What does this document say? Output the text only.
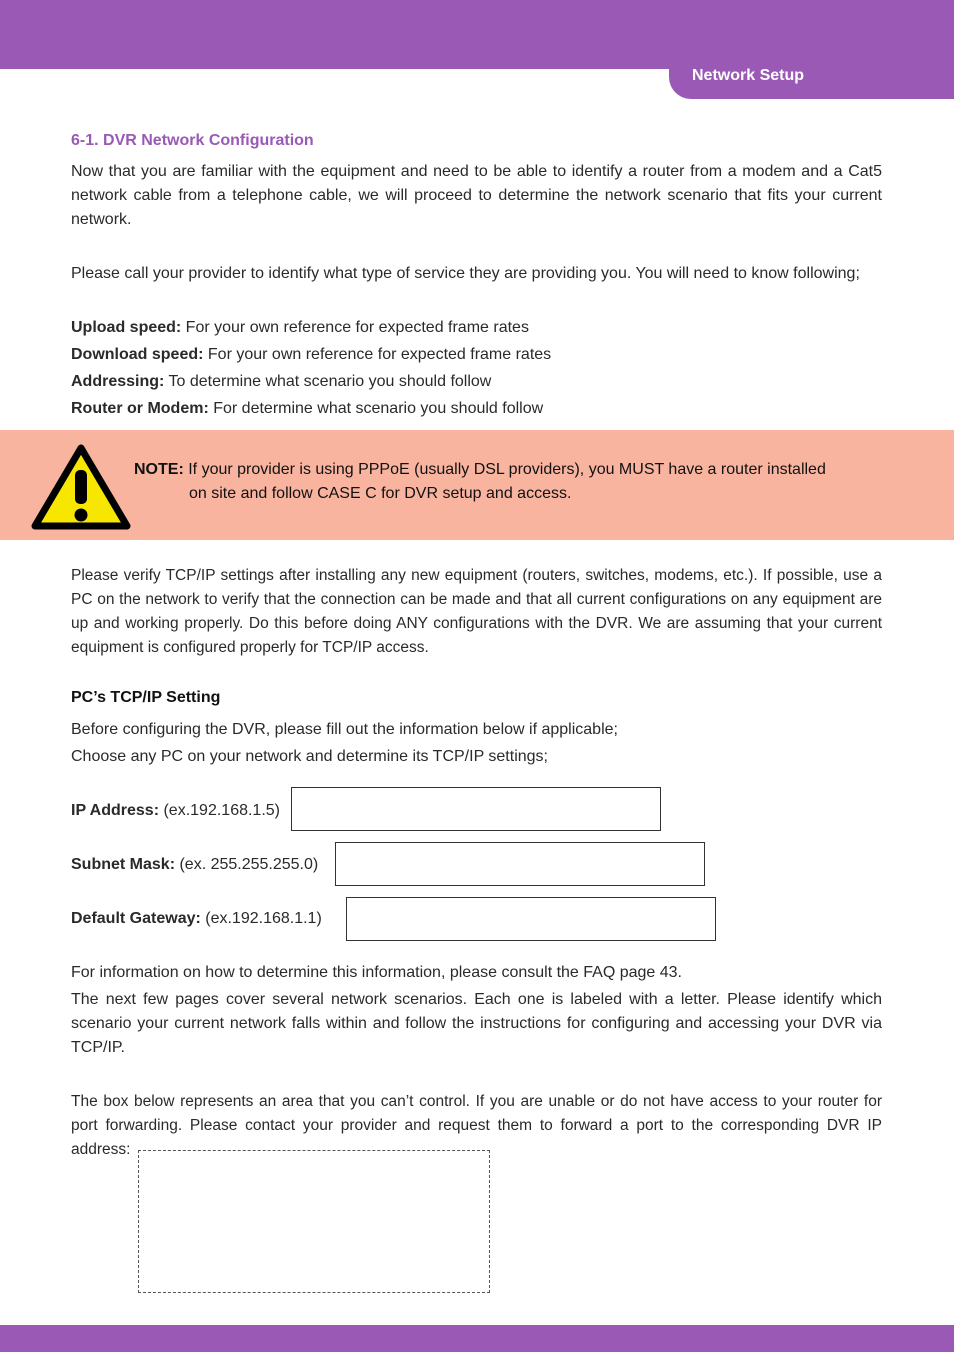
Network Setup
6-1. DVR Network Configuration
Now that you are familiar with the equipment and need to be able to identify a router from a modem and a Cat5 network cable from a telephone cable, we will proceed to determine the network scenario that fits your current network.
Please call your provider to identify what type of service they are providing you. You will need to know following;
Upload speed: For your own reference for expected frame rates
Download speed: For your own reference for expected frame rates
Addressing: To determine what scenario you should follow
Router or Modem: For determine what scenario you should follow
NOTE: If your provider is using PPPoE (usually DSL providers), you MUST have a router installed
on site and follow CASE C for DVR setup and access.
Please verify TCP/IP settings after installing any new equipment (routers, switches, modems, etc.). If possible, use a PC on the network to verify that the connection can be made and that all current configurations on any equipment are up and working properly. Do this before doing ANY configurations with the DVR. We are assuming that your current equipment is configured properly for TCP/IP access.
PC’s TCP/IP Setting
Before configuring the DVR, please fill out the information below if applicable;
Choose any PC on your network and determine its TCP/IP settings;
IP Address: (ex.192.168.1.5)
Subnet Mask: (ex. 255.255.255.0)
Default Gateway: (ex.192.168.1.1)
For information on how to determine this information, please consult the FAQ page 43.
The next few pages cover several network scenarios. Each one is labeled with a letter. Please identify which scenario your current network falls within and follow the instructions for configuring and accessing your DVR via TCP/IP.
The box below represents an area that you can’t control. If you are unable or do not have access to your router for port forwarding. Please contact your provider and request them to forward a port to the corresponding DVR IP address:
